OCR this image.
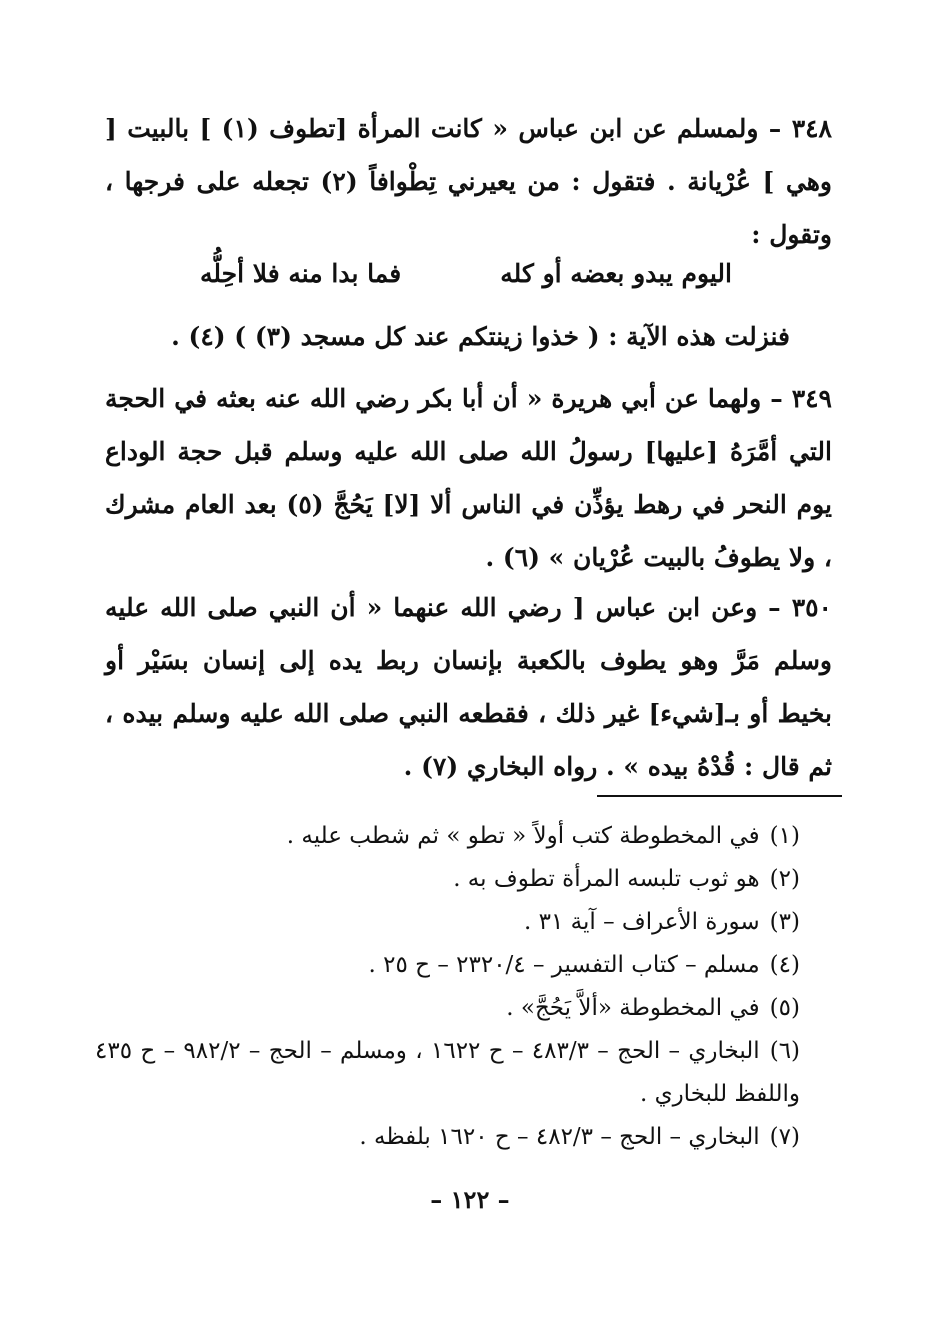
٣٤٨ – ولمسلم عن ابن عباس « كانت المرأة [تطوف (١) ] بالبيت [ وهي ] عُرْيانة . فتقول : من يعيرني تِطْوافاً (٢) تجعله على فرجها ، وتقول :

اليوم يبدو بعضه أو كله
فما بدا منه فلا أحِلُّه
فنزلت هذه الآية : ( خذوا زينتكم عند كل مسجد (٣) ) (٤) .

٣٤٩ – ولهما عن أبي هريرة « أن أبا بكر رضي الله عنه بعثه في الحجة التي أمَّرَهُ [عليها] رسولُ الله صلى الله عليه وسلم قبل حجة الوداع يوم النحر في رهط يؤذِّن في الناس ألا [لا] يَحُجَّ (٥) بعد العام مشرك ، ولا يطوفُ بالبيت عُرْيان » (٦) .

٣٥٠ – وعن ابن عباس [ رضي الله عنهما « أن النبي صلى الله عليه وسلم مَرَّ وهو يطوف بالكعبة بإنسان ربط يده إلى إنسان بسَيْر أو بخيط أو بـ[شيء] غير ذلك ، فقطعه النبي صلى الله عليه وسلم بيده ، ثم قال : قُدْهُ بيده » . رواه البخاري (٧) .

(١)في المخطوطة كتب أولاً « تطو » ثم شطب عليه .
(٢)هو ثوب تلبسه المرأة تطوف به .
(٣)سورة الأعراف – آية ٣١ .
(٤)مسلم – كتاب التفسير – ٢٣٢٠/٤ – ح ٢٥ .
(٥)في المخطوطة «ألاَّ يَحُجَّ» .
(٦)البخاري – الحج – ٤٨٣/٣ – ح ١٦٢٢ ، ومسلم – الحج – ٩٨٢/٢ – ح ٤٣٥ واللفظ للبخاري .
(٧)البخاري – الحج – ٤٨٢/٣ – ح ١٦٢٠ بلفظه .
– ١٢٢ –
